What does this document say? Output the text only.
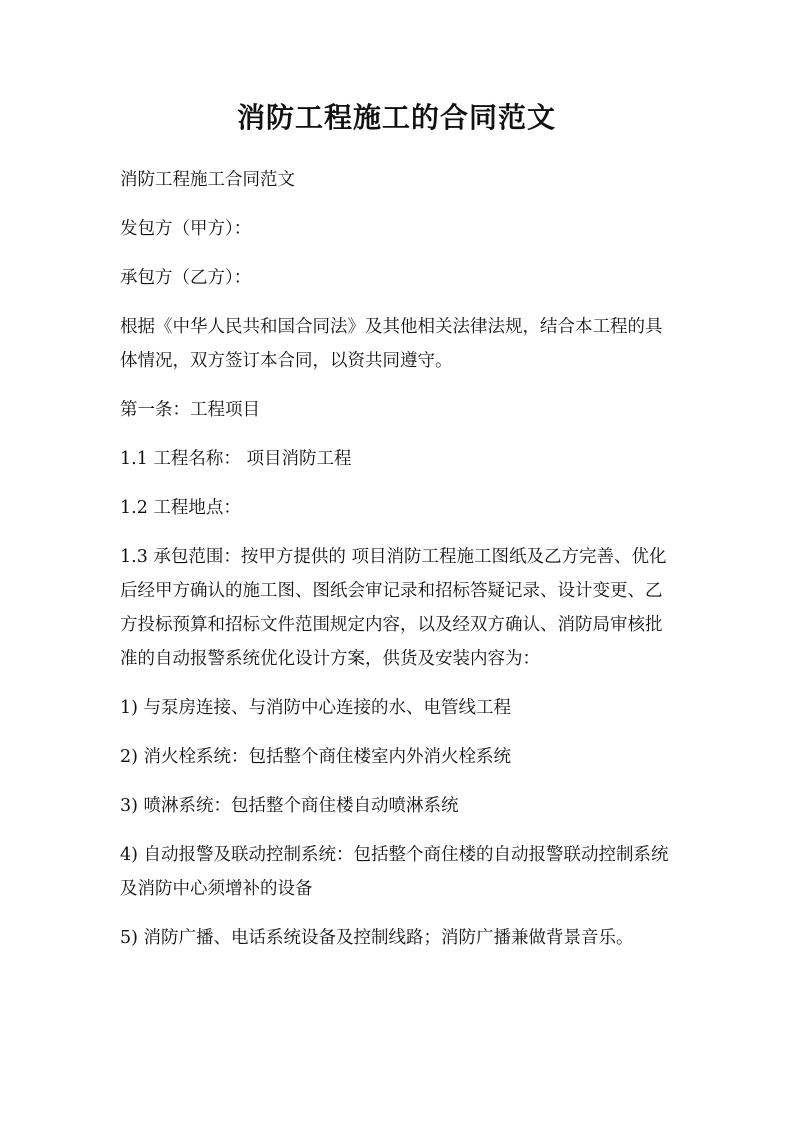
消防工程施工的合同范文

消防工程施工合同范文

发包方（甲方）：

承包方（乙方）：

根据《中华人民共和国合同法》及其他相关法律法规，结合本工程的具体情况，双方签订本合同，以资共同遵守。

第一条：工程项目

1.1 工程名称： 项目消防工程

1.2 工程地点：

1.3 承包范围：按甲方提供的 项目消防工程施工图纸及乙方完善、优化后经甲方确认的施工图、图纸会审记录和招标答疑记录、设计变更、乙方投标预算和招标文件范围规定内容，以及经双方确认、消防局审核批准的自动报警系统优化设计方案，供货及安装内容为：

1) 与泵房连接、与消防中心连接的水、电管线工程

2) 消火栓系统：包括整个商住楼室内外消火栓系统

3) 喷淋系统：包括整个商住楼自动喷淋系统

4) 自动报警及联动控制系统：包括整个商住楼的自动报警联动控制系统及消防中心须增补的设备

5) 消防广播、电话系统设备及控制线路；消防广播兼做背景音乐。
